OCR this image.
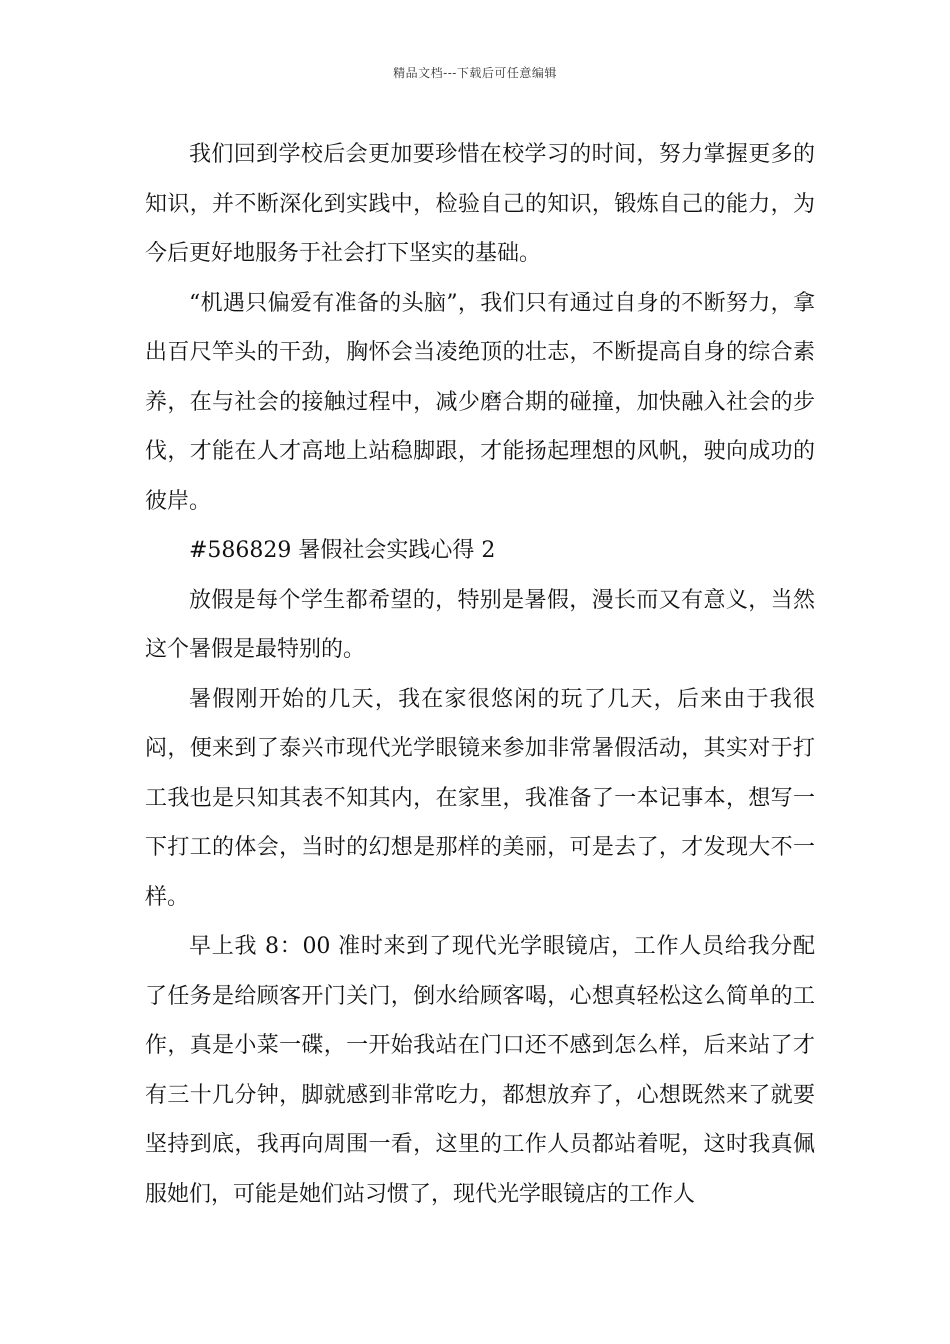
精品文档---下载后可任意编辑

我们回到学校后会更加要珍惜在校学习的时间，努力掌握更多的知识，并不断深化到实践中，检验自己的知识，锻炼自己的能力，为今后更好地服务于社会打下坚实的基础。

“机遇只偏爱有准备的头脑”，我们只有通过自身的不断努力，拿出百尺竿头的干劲，胸怀会当凌绝顶的壮志，不断提高自身的综合素养，在与社会的接触过程中，减少磨合期的碰撞，加快融入社会的步伐，才能在人才高地上站稳脚跟，才能扬起理想的风帆，驶向成功的彼岸。

#586829 暑假社会实践心得 2

放假是每个学生都希望的，特别是暑假，漫长而又有意义，当然这个暑假是最特别的。

暑假刚开始的几天，我在家很悠闲的玩了几天，后来由于我很闷，便来到了泰兴市现代光学眼镜来参加非常暑假活动，其实对于打工我也是只知其表不知其内，在家里，我准备了一本记事本，想写一下打工的体会，当时的幻想是那样的美丽，可是去了，才发现大不一样。

早上我 8：00 准时来到了现代光学眼镜店，工作人员给我分配了任务是给顾客开门关门，倒水给顾客喝，心想真轻松这么简单的工作，真是小菜一碟，一开始我站在门口还不感到怎么样，后来站了才有三十几分钟，脚就感到非常吃力，都想放弃了，心想既然来了就要坚持到底，我再向周围一看，这里的工作人员都站着呢，这时我真佩服她们，可能是她们站习惯了，现代光学眼镜店的工作人
